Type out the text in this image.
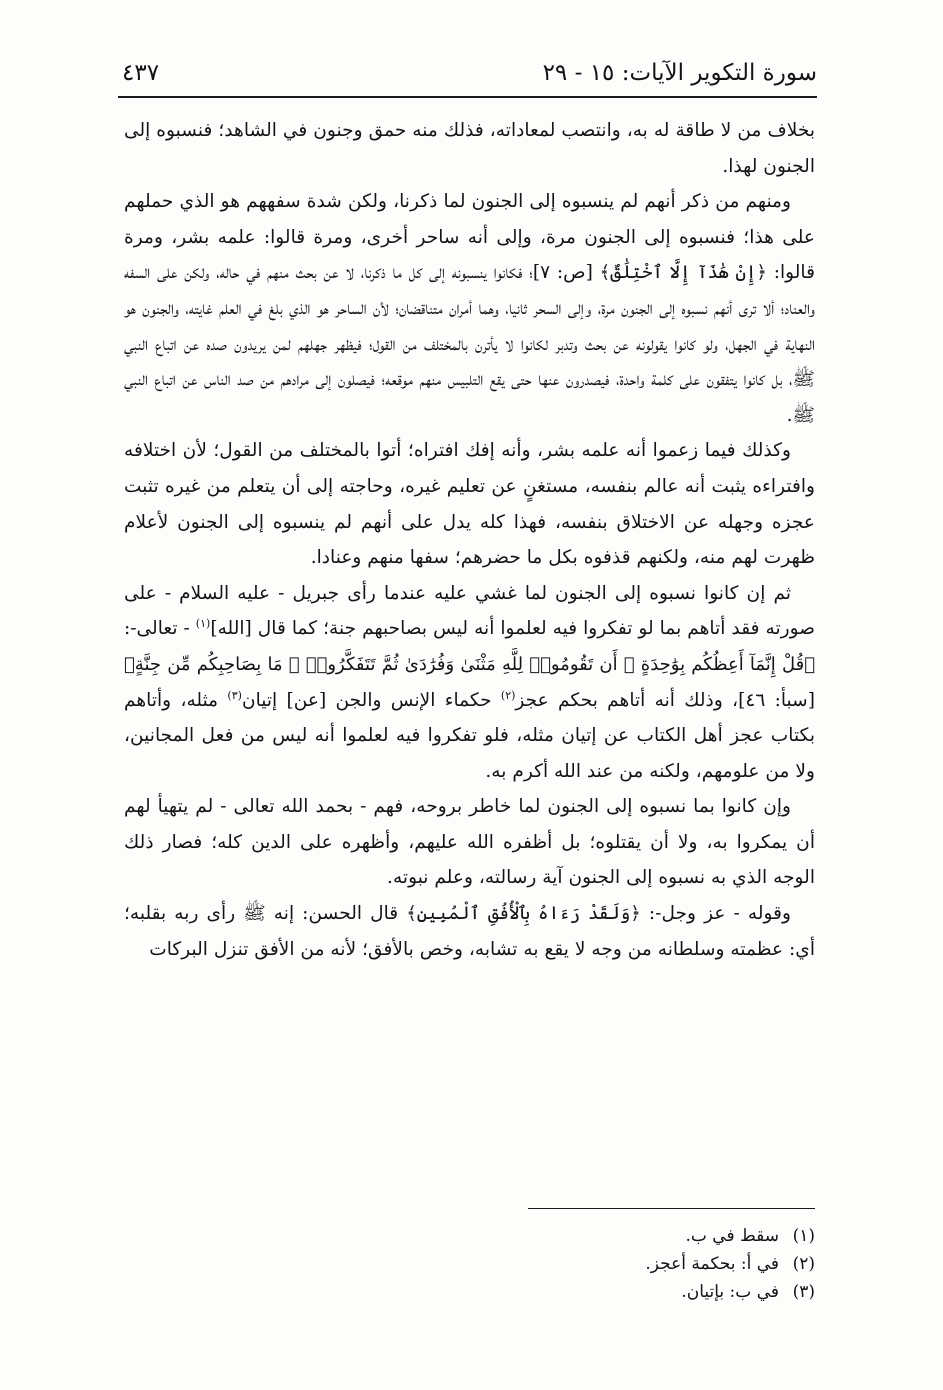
سورة التكوير الآيات: ١٥ - ٢٩
٤٣٧

بخلاف من لا طاقة له به، وانتصب لمعاداته، فذلك منه حمق وجنون في الشاهد؛ فنسبوه إلى الجنون لهذا.

ومنهم من ذكر أنهم لم ينسبوه إلى الجنون لما ذكرنا، ولكن شدة سفههم هو الذي حملهم على هذا؛ فنسبوه إلى الجنون مرة، وإلى أنه ساحر أخرى، ومرة قالوا: علمه بشر، ومرة قالوا: ﴿إِنْ هَٰذَآ إِلَّا ٱخْتِلَٰقٌ﴾ [ص: ٧]؛ فكانوا ينسبونه إلى كل ما ذكرنا، لا عن بحث منهم في حاله، ولكن على السفه والعناد؛ ألا ترى أنهم نسبوه إلى الجنون مرة، وإلى السحر ثانيا، وهما أمران متناقضان؛ لأن الساحر هو الذي بلغ في العلم غايته، والجنون هو النهاية في الجهل، ولو كانوا يقولونه عن بحث وتدبر لكانوا لا يأترن بالمختلف من القول؛ فيظهر جهلهم لمن يريدون صده عن اتباع النبي ﷺ، بل كانوا يتفقون على كلمة واحدة، فيصدرون عنها حتى يقع التلبيس منهم موقعه؛ فيصلون إلى مرادهم من صد الناس عن اتباع النبي ﷺ.

وكذلك فيما زعموا أنه علمه بشر، وأنه إفك افتراه؛ أتوا بالمختلف من القول؛ لأن اختلافه وافتراءه يثبت أنه عالم بنفسه، مستغنٍ عن تعليم غيره، وحاجته إلى أن يتعلم من غيره تثبت عجزه وجهله عن الاختلاق بنفسه، فهذا كله يدل على أنهم لم ينسبوه إلى الجنون لأعلام ظهرت لهم منه، ولكنهم قذفوه بكل ما حضرهم؛ سفها منهم وعنادا.

ثم إن كانوا نسبوه إلى الجنون لما غشي عليه عندما رأى جبريل - عليه السلام - على صورته فقد أتاهم بما لو تفكروا فيه لعلموا أنه ليس بصاحبهم جنة؛ كما قال [الله]$^{(١)}$ - تعالى-: ﴿قُلْ إِنَّمَآ أَعِظُكُم بِوَٰحِدَةٍ ۖ أَن تَقُومُوا۟ لِلَّهِ مَثْنَىٰ وَفُرَٰدَىٰ ثُمَّ تَتَفَكَّرُوا۟ ۚ مَا بِصَاحِبِكُم مِّن جِنَّةٍ﴾ [سبأ: ٤٦]، وذلك أنه أتاهم بحكم عجز$^{(٢)}$ حكماء الإنس والجن [عن] إتيان$^{(٣)}$ مثله، وأتاهم بكتاب عجز أهل الكتاب عن إتيان مثله، فلو تفكروا فيه لعلموا أنه ليس من فعل المجانين، ولا من علومهم، ولكنه من عند الله أكرم به.

وإن كانوا بما نسبوه إلى الجنون لما خاطر بروحه، فهم - بحمد الله تعالى - لم يتهيأ لهم أن يمكروا به، ولا أن يقتلوه؛ بل أظفره الله عليهم، وأظهره على الدين كله؛ فصار ذلك الوجه الذي به نسبوه إلى الجنون آية رسالته، وعلم نبوته.

وقوله - عز وجل-: ﴿وَلَقَدْ رَءَاهُ بِٱلْأُفُقِ ٱلْمُبِينِ﴾ قال الحسن: إنه ﷺ رأى ربه بقلبه؛ أي: عظمته وسلطانه من وجه لا يقع به تشابه، وخص بالأفق؛ لأنه من الأفق تنزل البركات

(١)
سقط في ب.
(٢)
في أ: بحكمة أعجز.
(٣)
في ب: بإتيان.
